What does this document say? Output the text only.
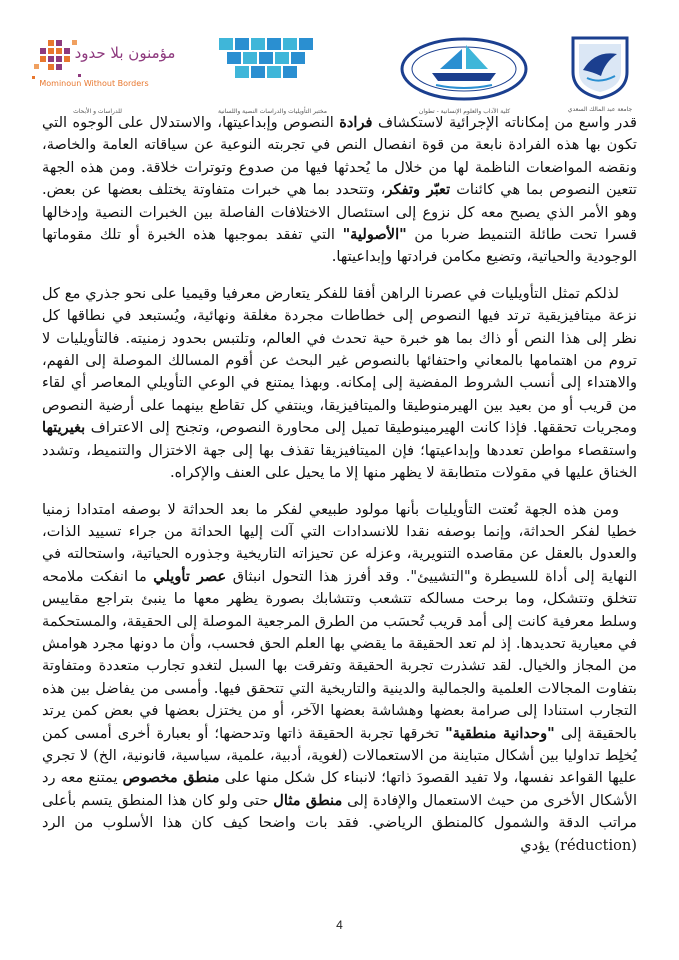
مؤمنون بلا حدود
Mominoun Without Borders
للدراسات و الأبحاث	مختبر التأويليات والدراسات النصية واللسانية	كلية الآداب والعلوم الإنسانية - تطوان	جامعة عبد المالك السعدي

قدر واسع من إمكاناته الإجرائية لاستكشاف فرادة النصوص وإبداعيتها، والاستدلال على الوجوه التي تكون بها هذه الفرادة نابعة من قوة انفصال النص في تجربته النوعية عن سياقاته العامة والخاصة، ونقضه المواضعات الناظمة لها من خلال ما يُحدثها فيها من صدوع وتوترات خلاقة. ومن هذه الجهة تتعين النصوص بما هي كائنات تعبّر وتفكر، وتتحدد بما هي خبرات متفاوتة يختلف بعضها عن بعض. وهو الأمر الذي يصبح معه كل نزوع إلى استئصال الاختلافات الفاصلة بين الخبرات النصية وإدخالها قسرا تحت طائلة التنميط ضربا من "الأصولية" التي تفقد بموجبها هذه الخبرة أو تلك مقوماتها الوجودية والحياتية، وتضيع مكامن فرادتها وإبداعيتها.

لذلكم تمثل التأويليات في عصرنا الراهن أفقا للفكر يتعارض معرفيا وقيميا على نحو جذري مع كل نزعة ميتافيزيقية ترتد فيها النصوص إلى خطاطات مجردة مغلقة ونهائية، ويُستبعد في نطاقها كل نظر إلى هذا النص أو ذاك بما هو خبرة حية تحدث في العالم، وتلتبس بحدود زمنيته. فالتأويليات لا تروم من اهتمامها بالمعاني واحتفائها بالنصوص غير البحث عن أقوم المسالك الموصلة إلى الفهم، والاهتداء إلى أنسب الشروط المفضية إلى إمكانه. وبهذا يمتنع في الوعي التأويلي المعاصر أي لقاء من قريب أو من بعيد بين الهيرمنوطيقا والميتافيزيقا، وينتفي كل تقاطع بينهما على أرضية النصوص ومجريات تحققها. فإذا كانت الهيرمينوطيقا تميل إلى محاورة النصوص، وتجنح إلى الاعتراف بغيريتها واستقصاء مواطن تعددها وإبداعيتها؛ فإن الميتافيزيقا تقذف بها إلى جهة الاختزال والتنميط، وتشدد الخناق عليها في مقولات متطابقة لا يظهر منها إلا ما يحيل على العنف والإكراه.

ومن هذه الجهة نُعتت التأويليات بأنها مولود طبيعي لفكر ما بعد الحداثة لا بوصفه امتدادا زمنيا خطيا لفكر الحداثة، وإنما بوصفه نقدا للانسدادات التي آلت إليها الحداثة من جراء تسييد الذات، والعدول بالعقل عن مقاصده التنويرية، وعزله عن تحيزاته التاريخية وجذوره الحياتية، واستحالته في النهاية إلى أداة للسيطرة و"التشييئ". وقد أفرز هذا التحول انبثاق عصر تأويلي ما انفكت ملامحه تتخلق وتتشكل، وما برحت مسالكه تتشعب وتتشابك بصورة يظهر معها ما ينبئ بتراجع مقاييس وسلط معرفية كانت إلى أمد قريب تُحسَب من الطرق المرجعية الموصلة إلى الحقيقة، والمستحكمة في معيارية تحديدها. إذ لم تعد الحقيقة ما يقضي بها العلم الحق فحسب، وأن ما دونها مجرد هوامش من المجاز والخيال. لقد تشذرت تجربة الحقيقة وتفرقت بها السبل لتغدو تجارب متعددة ومتفاوتة بتفاوت المجالات العلمية والجمالية والدينية والتاريخية التي تتحقق فيها. وأمسى من يفاضل بين هذه التجارب استنادا إلى صرامة بعضها وهشاشة بعضها الآخر، أو من يختزل بعضها في بعض كمن يرتد بالحقيقة إلى "وحدانية منطقية" تخرقها تجربة الحقيقة ذاتها وتدحضها؛ أو بعبارة أخرى أمسى كمن يُخلِط تداوليا بين أشكال متباينة من الاستعمالات (لغوية، أدبية، علمية، سياسية، قانونية، الخ) لا تجري عليها القواعد نفسها، ولا تفيد القصودَ ذاتها؛ لانبناء كل شكل منها على منطق مخصوص يمتنع معه رد الأشكال الأخرى من حيث الاستعمال والإفادة إلى منطق مثال حتى ولو كان هذا المنطق يتسم بأعلى مراتب الدقة والشمول كالمنطق الرياضي. فقد بات واضحا كيف كان هذا الأسلوب من الرد (réduction) يؤدي

4
